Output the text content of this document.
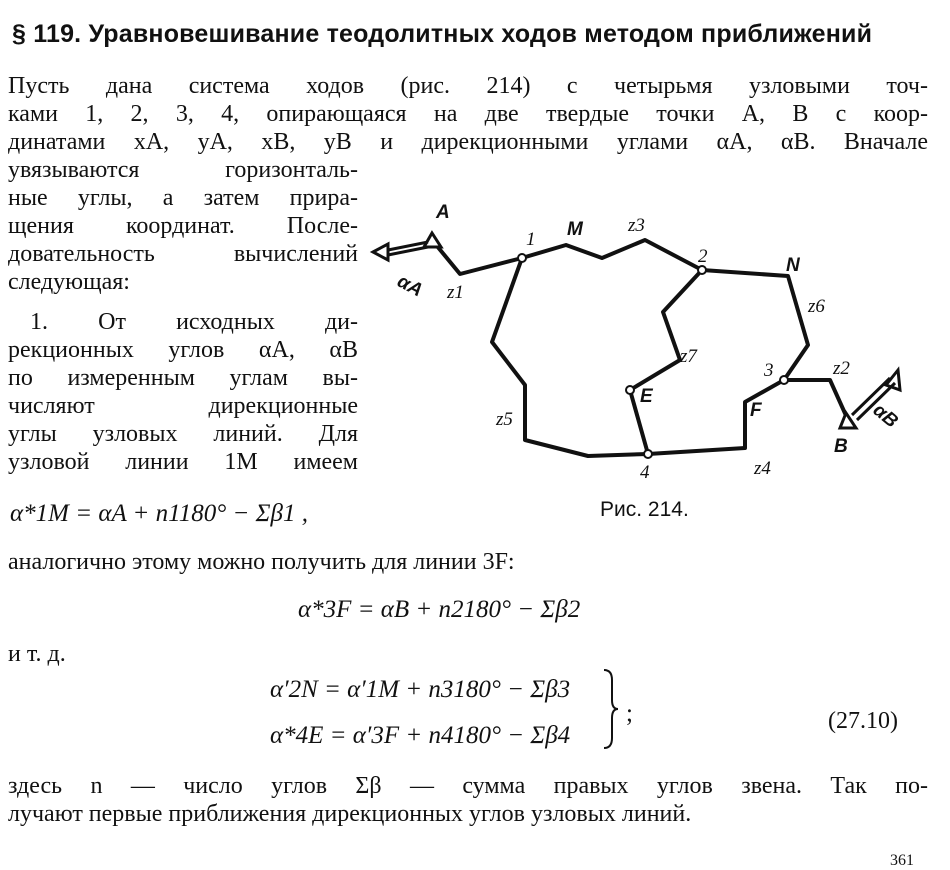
§ 119. Уравновешивание теодолитных ходов методом приближений
Пусть дана система ходов (рис. 214) с четырьмя узловыми точ-
ками 1, 2, 3, 4, опирающаяся на две твердые точки A, B с коор-
динатами xA, yA, xB, yB и дирекционными углами αA, αB. Вначале
увязываются горизонталь-
ные углы, а затем прира-
щения координат. После-
довательность вычислений
следующая:
1. От исходных ди-
рекционных углов αA, αB
по измеренным углам вы-
числяют дирекционные
углы узловых линий. Для
узловой линии 1M имеем
α*1M = αA + n1180° − Σβ1 ,
A
B
M
N
E
F
1
2
3
4
z1
z2
z3
z4
z5
z6
z7
αA
αB
Рис. 214.
аналогично этому можно получить для линии 3F:
α*3F = αB + n2180° − Σβ2
и т. д.
α′2N = α′1M + n3180° − Σβ3
α*4E = α′3F + n4180° − Σβ4
;	(27.10)
здесь n — число углов Σβ — сумма правых углов звена. Так по-
лучают первые приближения дирекционных углов узловых линий.
361
